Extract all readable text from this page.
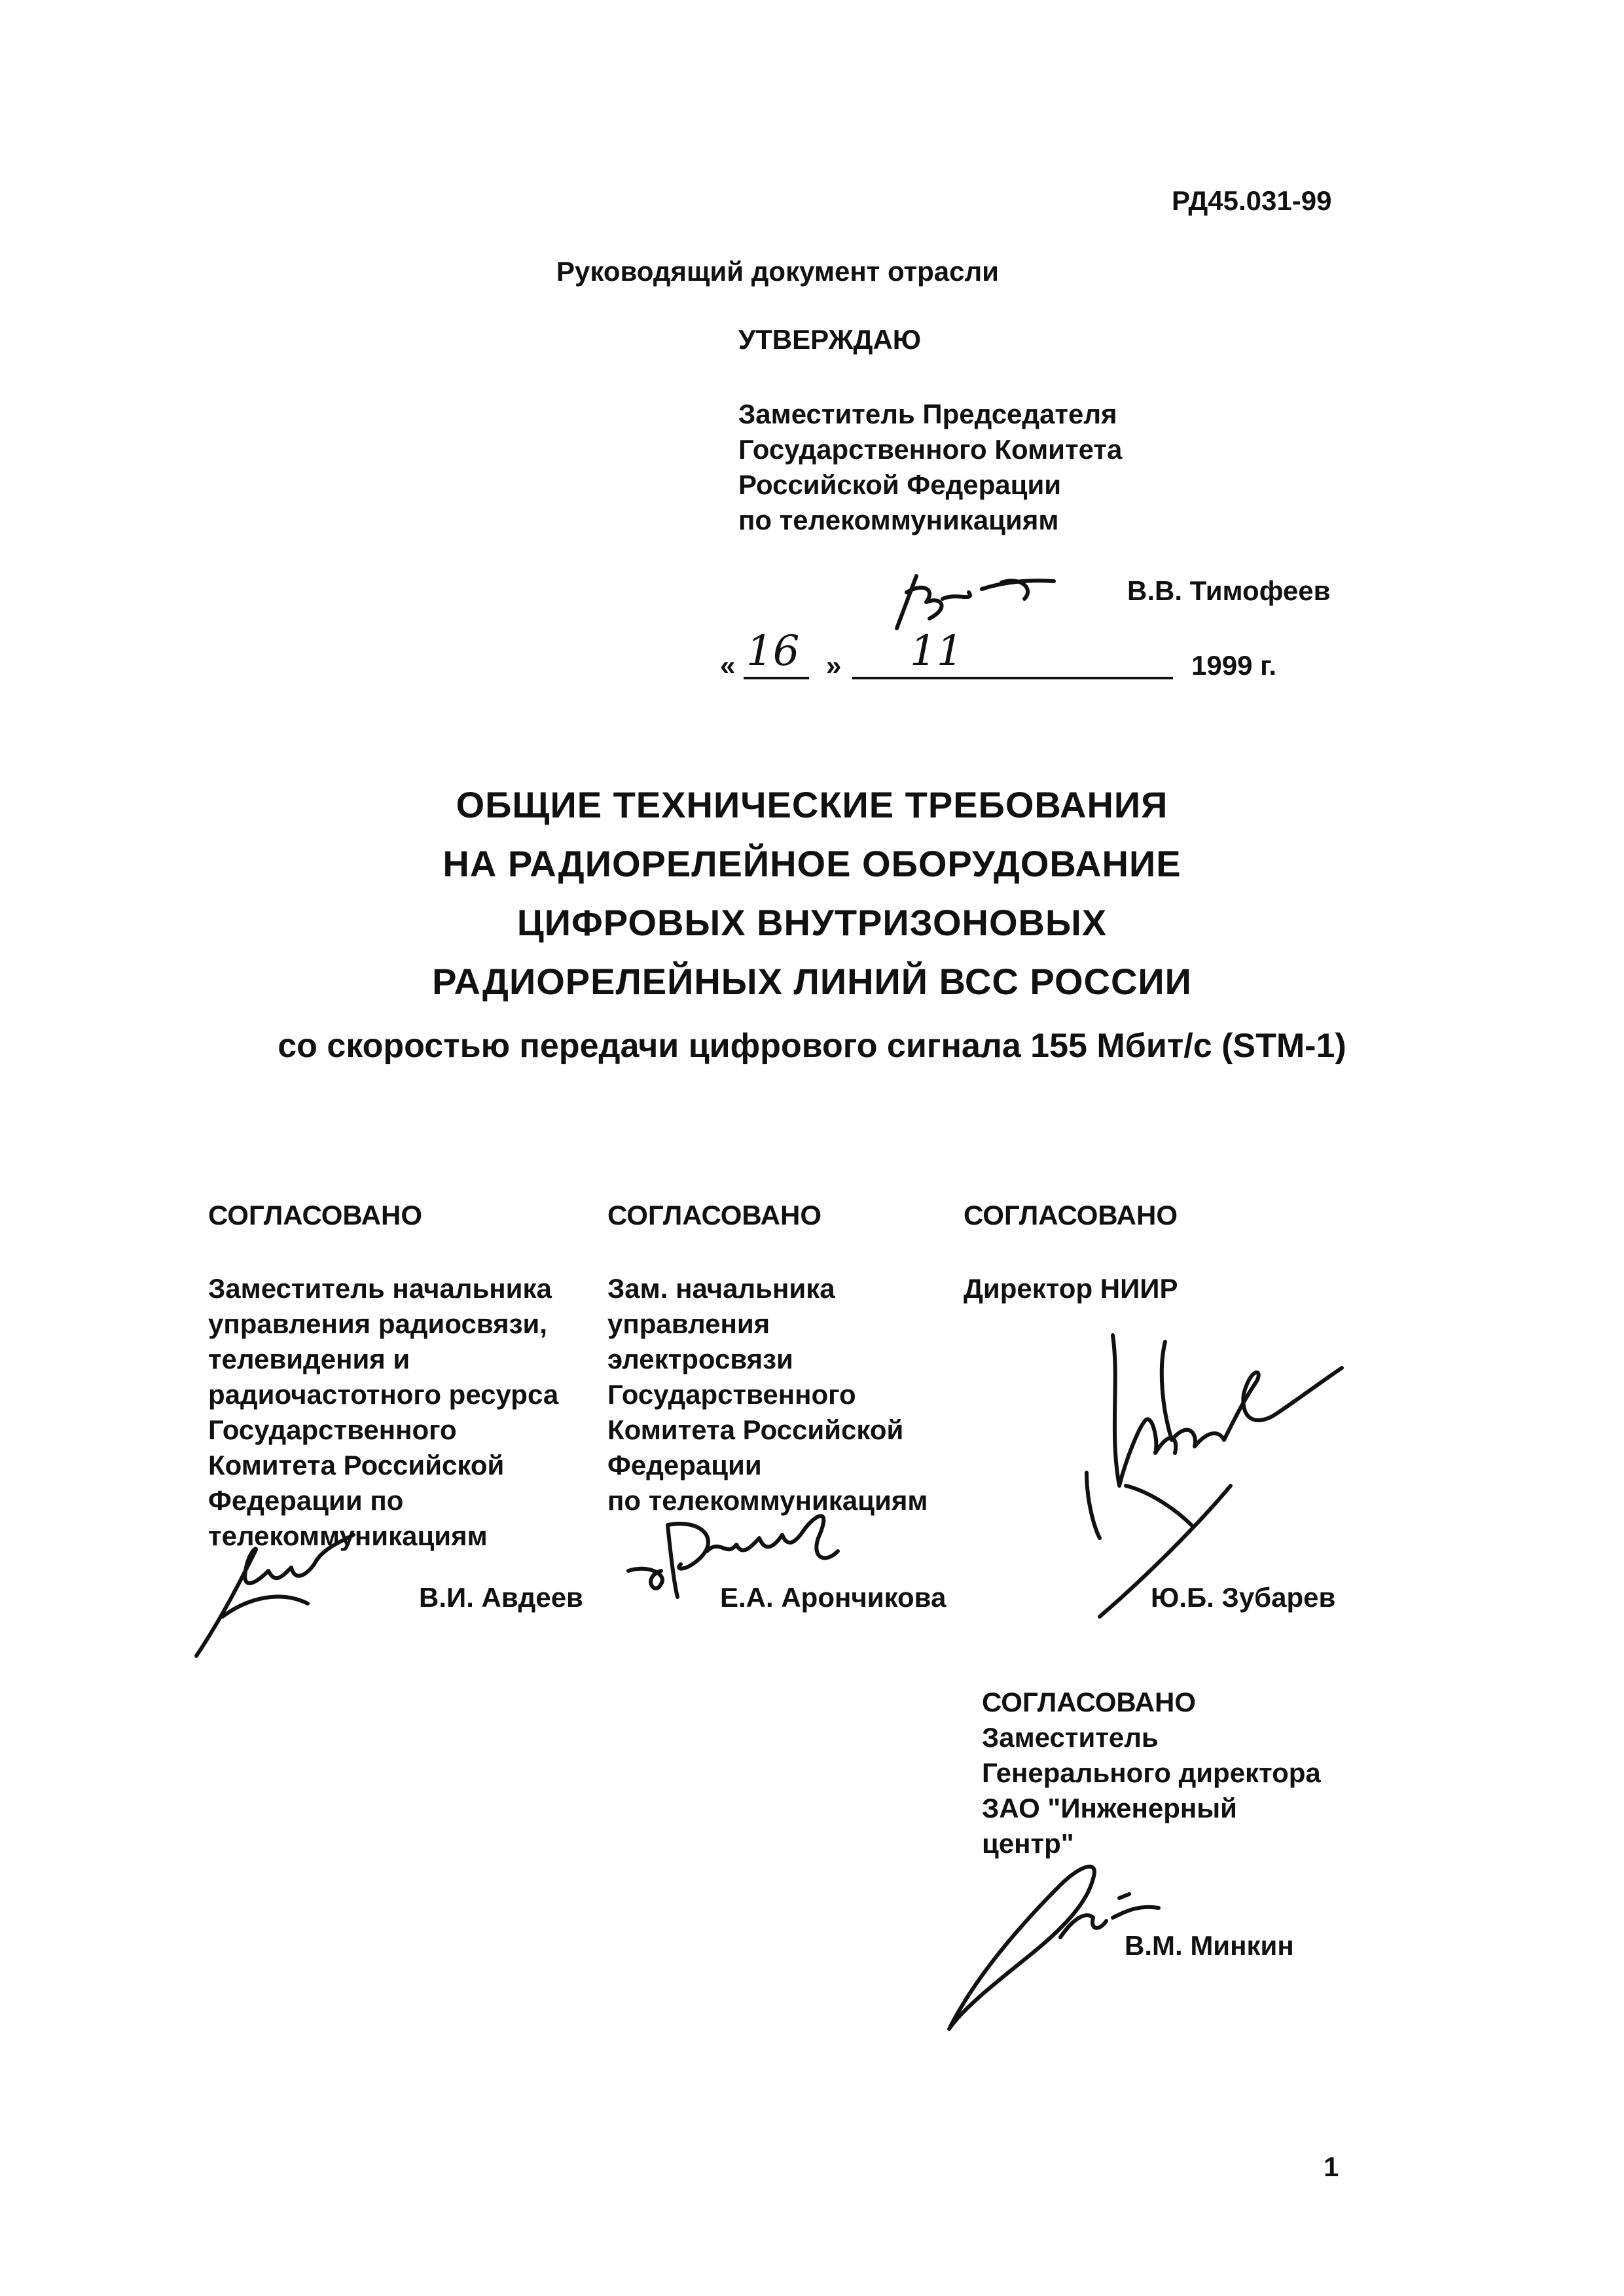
РД45.031-99
Руководящий документ отрасли
УТВЕРЖДАЮ
Заместитель Председателя
Государственного Комитета
Российской Федерации
по телекоммуникациям
В.В. Тимофеев
« 16 » 11	1999 г.
ОБЩИЕ ТЕХНИЧЕСКИЕ ТРЕБОВАНИЯ
НА РАДИОРЕЛЕЙНОЕ ОБОРУДОВАНИЕ
ЦИФРОВЫХ ВНУТРИЗОНОВЫХ
РАДИОРЕЛЕЙНЫХ ЛИНИЙ ВСС РОССИИ
со скоростью передачи цифрового сигнала 155 Мбит/с (STM-1)
СОГЛАСОВАНО
Заместитель начальника
управления радиосвязи,
телевидения и
радиочастотного ресурса
Государственного
Комитета Российской
Федерации по
телекоммуникациям
В.И. Авдеев
СОГЛАСОВАНО
Зам. начальника
управления
электросвязи
Государственного
Комитета Российской
Федерации
по телекоммуникациям
Е.А. Арончикова
СОГЛАСОВАНО
Директор НИИР
Ю.Б. Зубарев
СОГЛАСОВАНО
Заместитель
Генерального директора
ЗАО "Инженерный
центр"
В.М. Минкин
1
